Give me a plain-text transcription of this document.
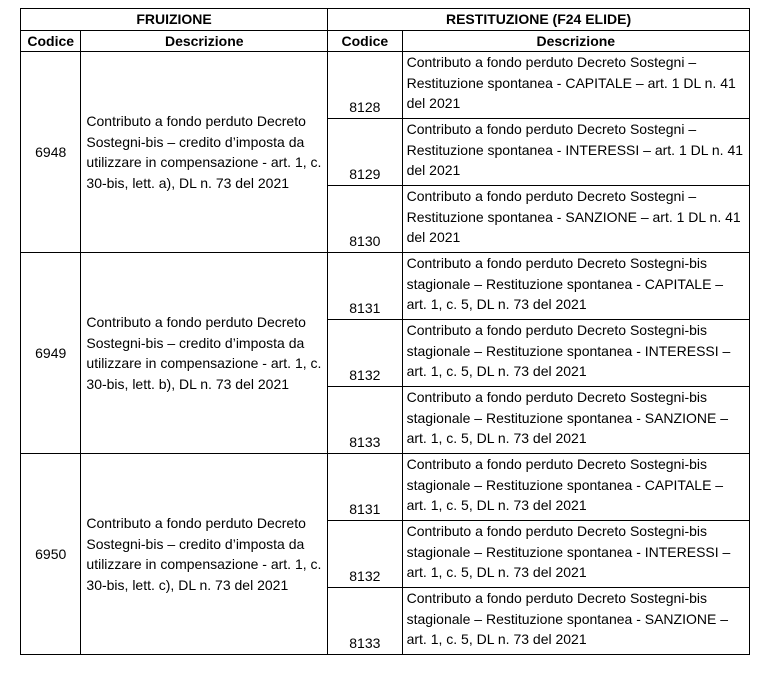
FRUIZIONE		RESTITUZIONE (F24 ELIDE)	
Codice	Descrizione	Codice	Descrizione
6948	Contributo a fondo perduto Decreto Sostegni-bis – credito d’imposta da utilizzare in compensazione - art. 1, c. 30-bis, lett. a), DL n. 73 del 2021	8128	Contributo a fondo perduto Decreto Sostegni – Restituzione spontanea - CAPITALE – art. 1 DL n. 41 del 2021
		8129	Contributo a fondo perduto Decreto Sostegni – Restituzione spontanea - INTERESSI – art. 1 DL n. 41 del 2021
		8130	Contributo a fondo perduto Decreto Sostegni – Restituzione spontanea - SANZIONE – art. 1 DL n. 41 del 2021
6949	Contributo a fondo perduto Decreto Sostegni-bis – credito d’imposta da utilizzare in compensazione - art. 1, c. 30-bis, lett. b), DL n. 73 del 2021	8131	Contributo a fondo perduto Decreto Sostegni-bis stagionale – Restituzione spontanea - CAPITALE – art. 1, c. 5, DL n. 73 del 2021
		8132	Contributo a fondo perduto Decreto Sostegni-bis stagionale – Restituzione spontanea - INTERESSI – art. 1, c. 5, DL n. 73 del 2021
		8133	Contributo a fondo perduto Decreto Sostegni-bis stagionale – Restituzione spontanea - SANZIONE – art. 1, c. 5, DL n. 73 del 2021
6950	Contributo a fondo perduto Decreto Sostegni-bis – credito d’imposta da utilizzare in compensazione - art. 1, c. 30-bis, lett. c), DL n. 73 del 2021	8131	Contributo a fondo perduto Decreto Sostegni-bis stagionale – Restituzione spontanea - CAPITALE – art. 1, c. 5, DL n. 73 del 2021
		8132	Contributo a fondo perduto Decreto Sostegni-bis stagionale – Restituzione spontanea - INTERESSI – art. 1, c. 5, DL n. 73 del 2021
		8133	Contributo a fondo perduto Decreto Sostegni-bis stagionale – Restituzione spontanea - SANZIONE – art. 1, c. 5, DL n. 73 del 2021
